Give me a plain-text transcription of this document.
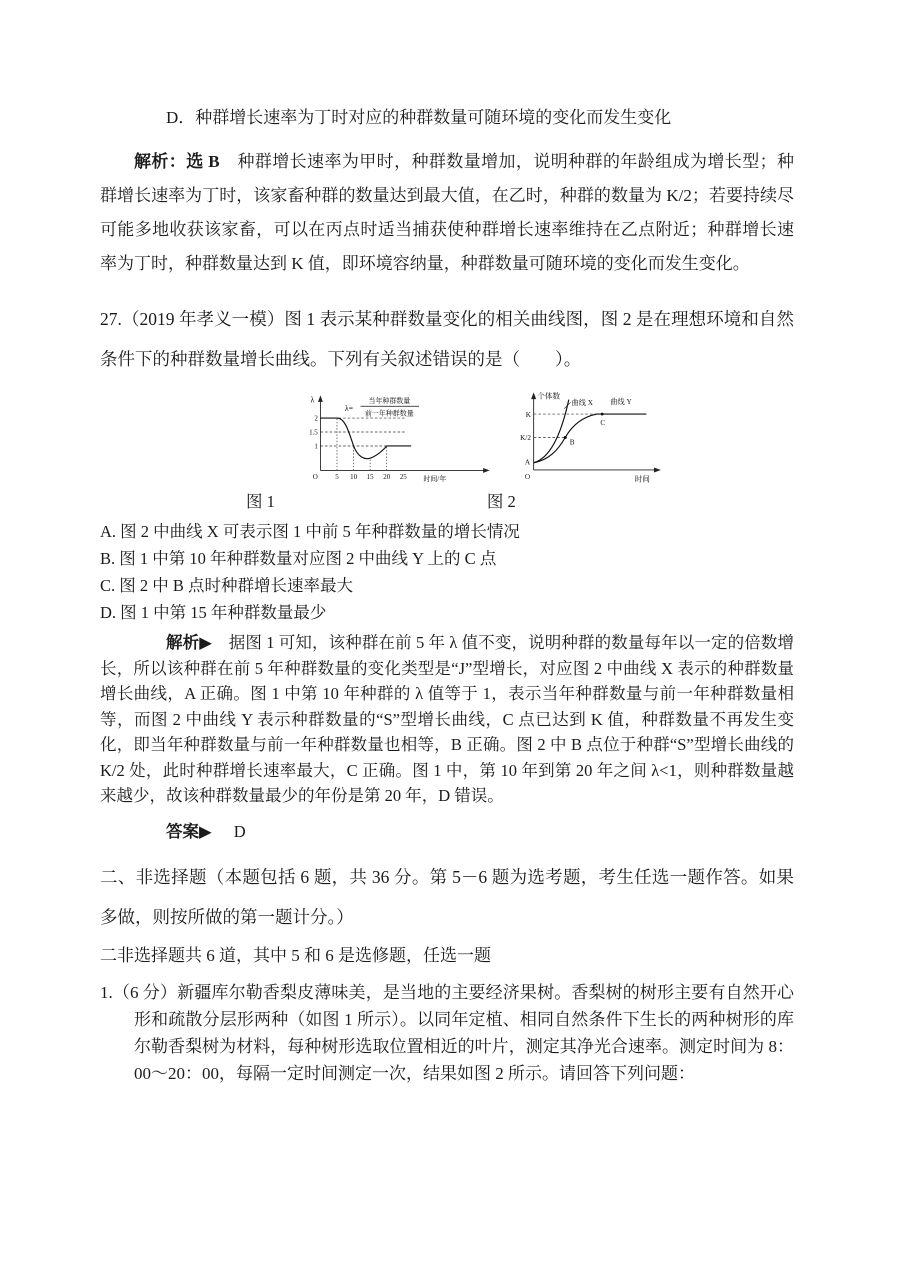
D．种群增长速率为丁时对应的种群数量可随环境的变化而发生变化

解析：选 B　种群增长速率为甲时，种群数量增加，说明种群的年龄组成为增长型；种群增长速率为丁时，该家畜种群的数量达到最大值，在乙时，种群的数量为 K/2；若要持续尽可能多地收获该家畜，可以在丙点时适当捕获使种群增长速率维持在乙点附近；种群增长速率为丁时，种群数量达到 K 值，即环境容纳量，种群数量可随环境的变化而发生变化。

27.（2019 年孝义一模）图 1 表示某种群数量变化的相关曲线图，图 2 是在理想环境和自然条件下的种群数量增长曲线。下列有关叙述错误的是（　　）。

λ=
当年种群数量
前一年种群数量
λ
时间/年
O
2
1.5
1
5 10 15 20 25
个体数
时间
O
K
K/2
A
曲线 X 曲线 Y
B
C
图 1	图 2

A. 图 2 中曲线 X 可表示图 1 中前 5 年种群数量的增长情况

B. 图 1 中第 10 年种群数量对应图 2 中曲线 Y 上的 C 点

C. 图 2 中 B 点时种群增长速率最大

D. 图 1 中第 15 年种群数量最少

解析▶　据图 1 可知，该种群在前 5 年 λ 值不变，说明种群的数量每年以一定的倍数增长，所以该种群在前 5 年种群数量的变化类型是“J”型增长，对应图 2 中曲线 X 表示的种群数量增长曲线，A 正确。图 1 中第 10 年种群的 λ 值等于 1，表示当年种群数量与前一年种群数量相等，而图 2 中曲线 Y 表示种群数量的“S”型增长曲线，C 点已达到 K 值，种群数量不再发生变化，即当年种群数量与前一年种群数量也相等，B 正确。图 2 中 B 点位于种群“S”型增长曲线的 K/2 处，此时种群增长速率最大，C 正确。图 1 中，第 10 年到第 20 年之间 λ<1，则种群数量越来越少，故该种群数量最少的年份是第 20 年，D 错误。

答案▶ D

二、非选择题（本题包括 6 题，共 36 分。第 5－6 题为选考题，考生任选一题作答。如果多做，则按所做的第一题计分。）

二非选择题共 6 道，其中 5 和 6 是选修题，任选一题

1.（6 分）新疆库尔勒香梨皮薄味美，是当地的主要经济果树。香梨树的树形主要有自然开心形和疏散分层形两种（如图 1 所示）。以同年定植、相同自然条件下生长的两种树形的库尔勒香梨树为材料，每种树形选取位置相近的叶片，测定其净光合速率。测定时间为 8：00～20：00，每隔一定时间测定一次，结果如图 2 所示。请回答下列问题：
